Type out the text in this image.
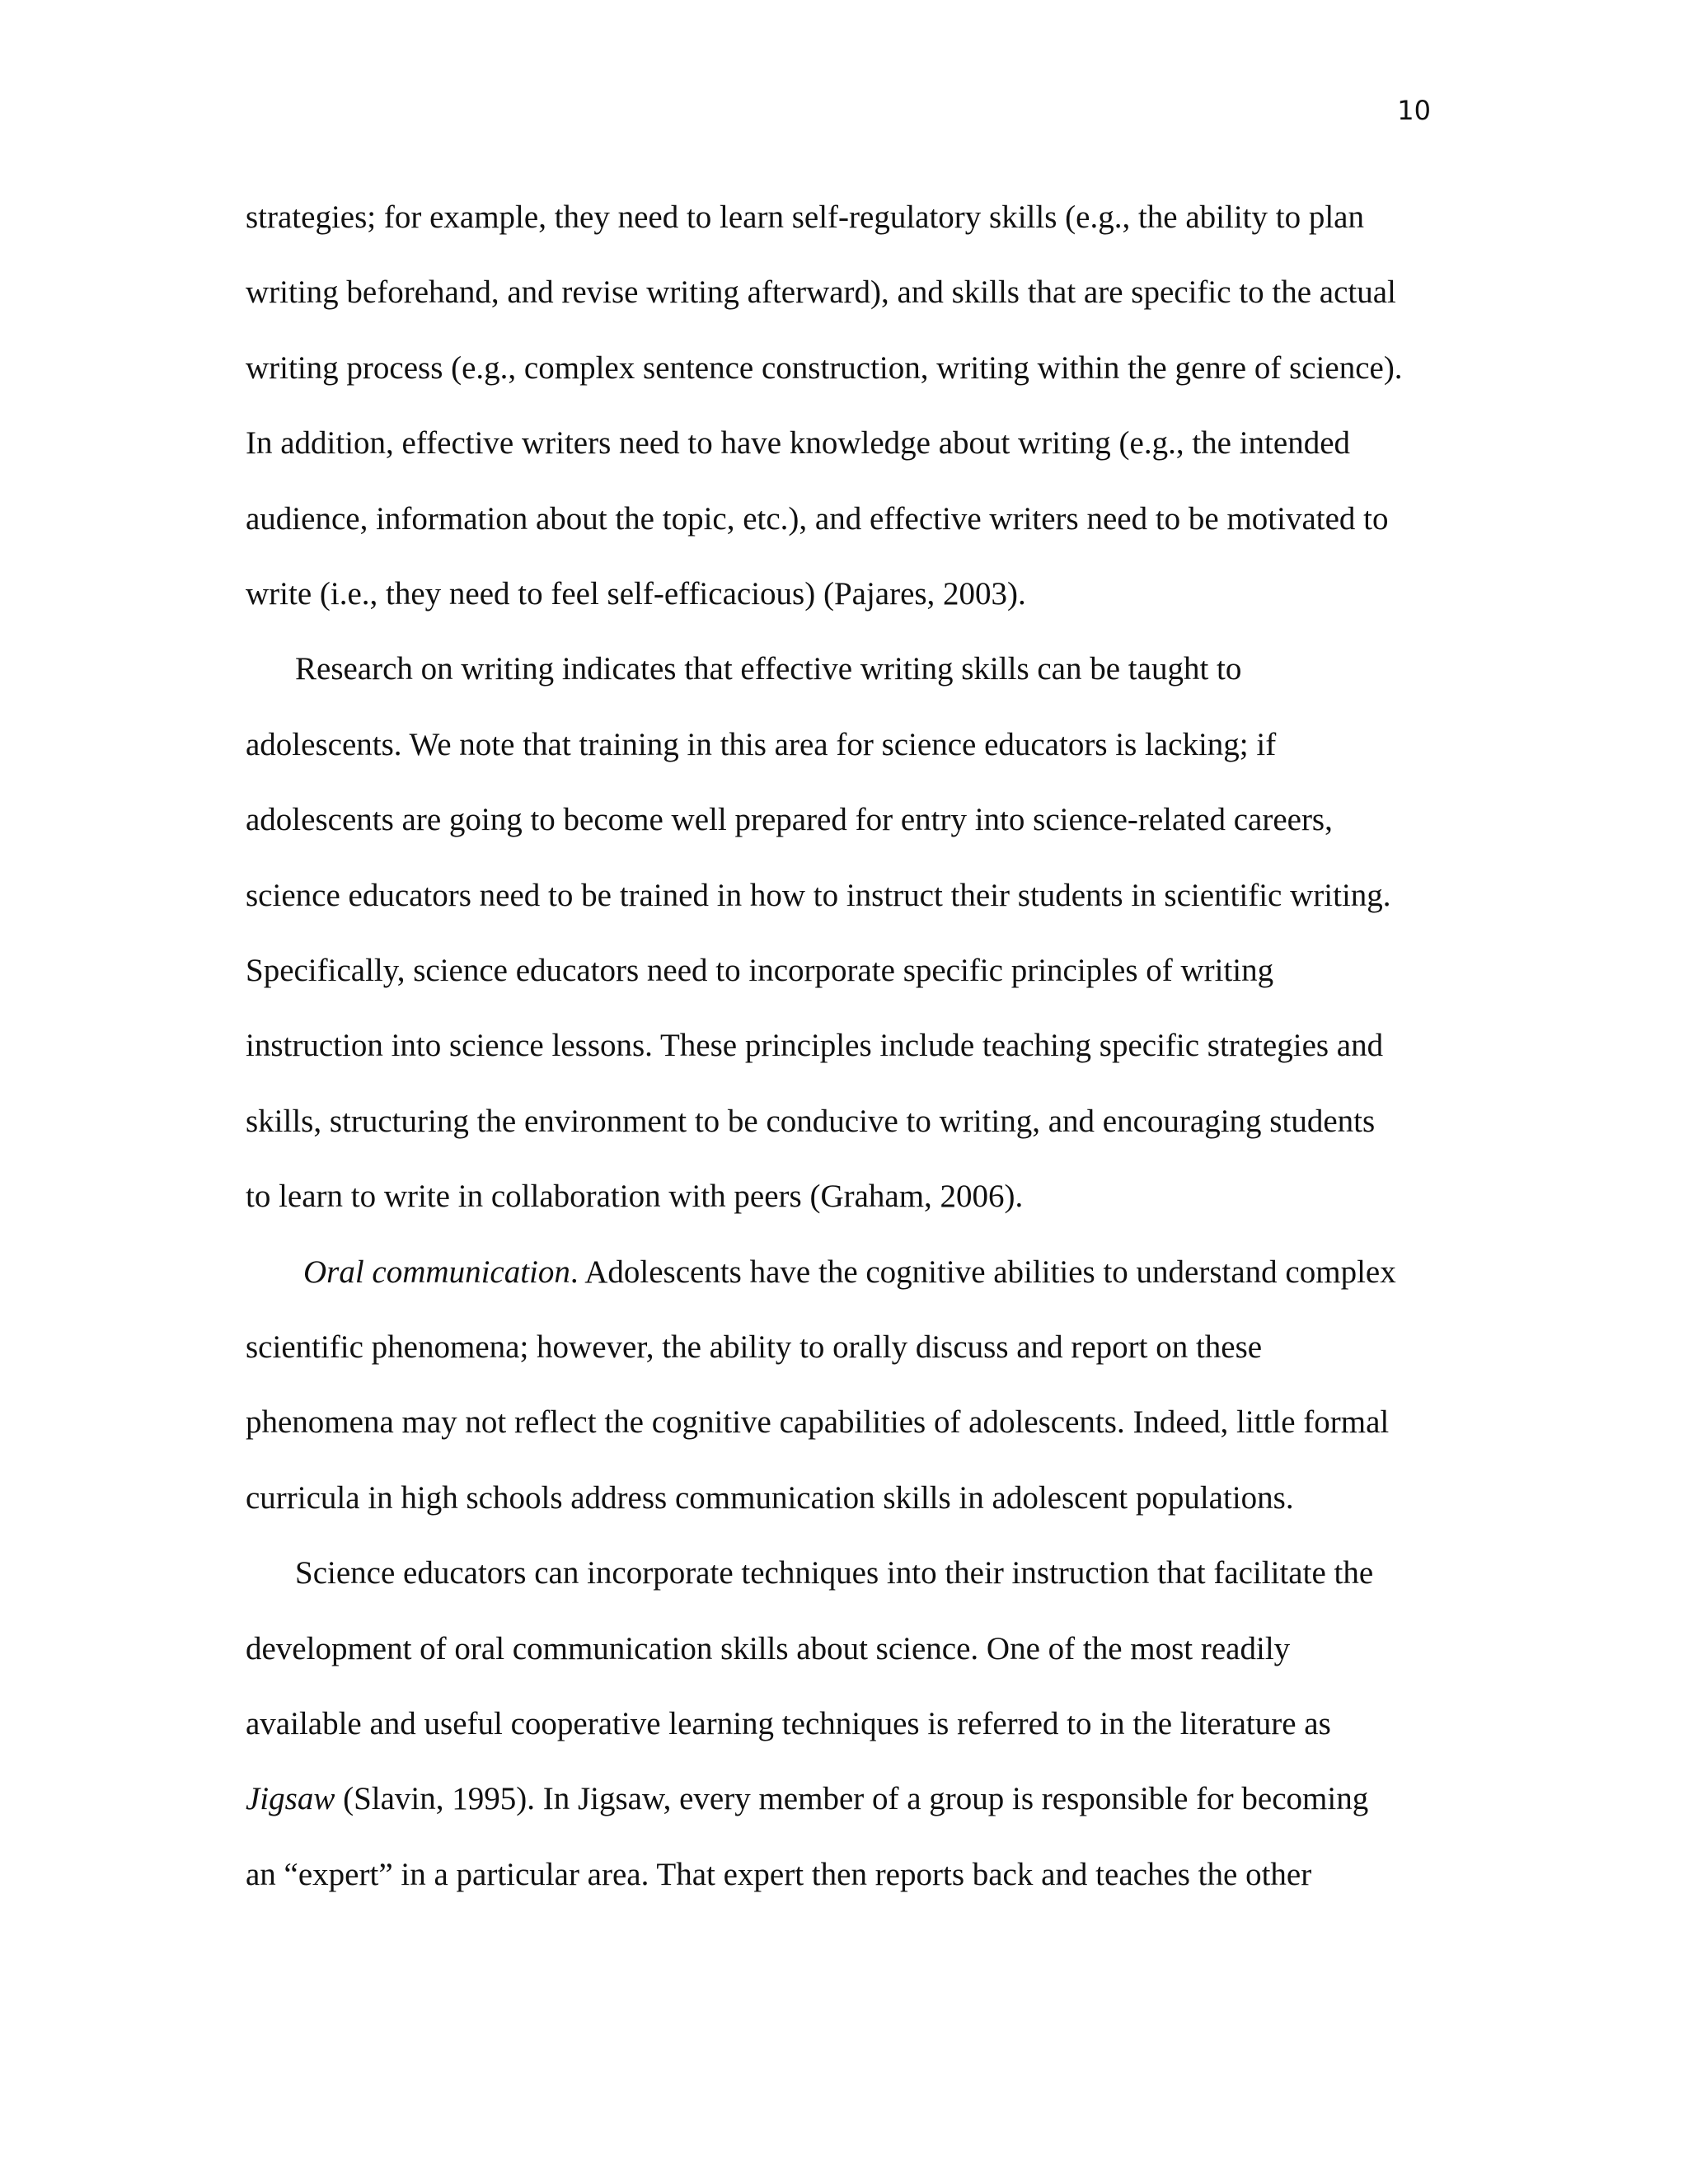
10
strategies; for example, they need to learn self-regulatory skills (e.g., the ability to plan
writing beforehand, and revise writing afterward), and skills that are specific to the actual
writing process (e.g., complex sentence construction, writing within the genre of science).
In addition, effective writers need to have knowledge about writing (e.g., the intended
audience, information about the topic, etc.), and effective writers need to be motivated to
write (i.e., they need to feel self-efficacious) (Pajares, 2003).
Research on writing indicates that effective writing skills can be taught to
adolescents. We note that training in this area for science educators is lacking; if
adolescents are going to become well prepared for entry into science-related careers,
science educators need to be trained in how to instruct their students in scientific writing.
Specifically, science educators need to incorporate specific principles of writing
instruction into science lessons. These principles include teaching specific strategies and
skills, structuring the environment to be conducive to writing, and encouraging students
to learn to write in collaboration with peers (Graham, 2006).
Oral communication. Adolescents have the cognitive abilities to understand complex
scientific phenomena; however, the ability to orally discuss and report on these
phenomena may not reflect the cognitive capabilities of adolescents. Indeed, little formal
curricula in high schools address communication skills in adolescent populations.
Science educators can incorporate techniques into their instruction that facilitate the
development of oral communication skills about science. One of the most readily
available and useful cooperative learning techniques is referred to in the literature as
Jigsaw (Slavin, 1995). In Jigsaw, every member of a group is responsible for becoming
an “expert” in a particular area. That expert then reports back and teaches the other
